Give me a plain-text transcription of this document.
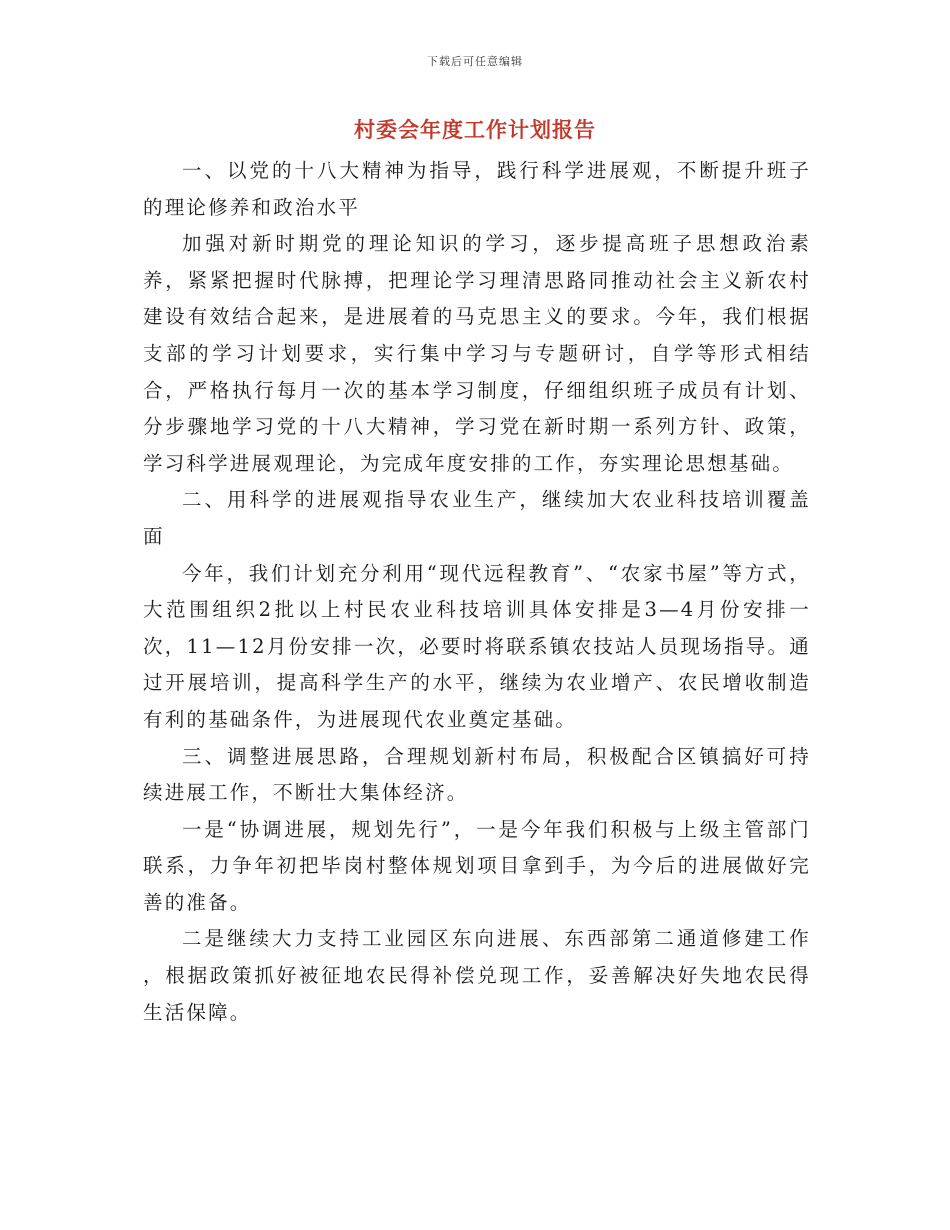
下载后可任意编辑
村委会年度工作计划报告

一、以党的十八大精神为指导，践行科学进展观，不断提升班子的理论修养和政治水平

加强对新时期党的理论知识的学习，逐步提高班子思想政治素养，紧紧把握时代脉搏，把理论学习理清思路同推动社会主义新农村建设有效结合起来，是进展着的马克思主义的要求。今年，我们根据支部的学习计划要求，实行集中学习与专题研讨，自学等形式相结合，严格执行每月一次的基本学习制度，仔细组织班子成员有计划、分步骤地学习党的十八大精神，学习党在新时期一系列方针、政策，学习科学进展观理论，为完成年度安排的工作，夯实理论思想基础。

二、用科学的进展观指导农业生产，继续加大农业科技培训覆盖面

今年，我们计划充分利用“现代远程教育”、“农家书屋”等方式， 大范围组织2批以上村民农业科技培训具体安排是3—4月份安排一次，11—12月份安排一次，必要时将联系镇农技站人员现场指导。通过开展培训，提高科学生产的水平，继续为农业增产、农民增收制造有利的基础条件，为进展现代农业奠定基础。

三、调整进展思路，合理规划新村布局，积极配合区镇搞好可持续进展工作，不断壮大集体经济。

一是“协调进展，规划先行”，一是今年我们积极与上级主管部门联系，力争年初把毕岗村整体规划项目拿到手，为今后的进展做好完善的准备。

二是继续大力支持工业园区东向进展、东西部第二通道修建工作 ，根据政策抓好被征地农民得补偿兑现工作，妥善解决好失地农民得生活保障。
